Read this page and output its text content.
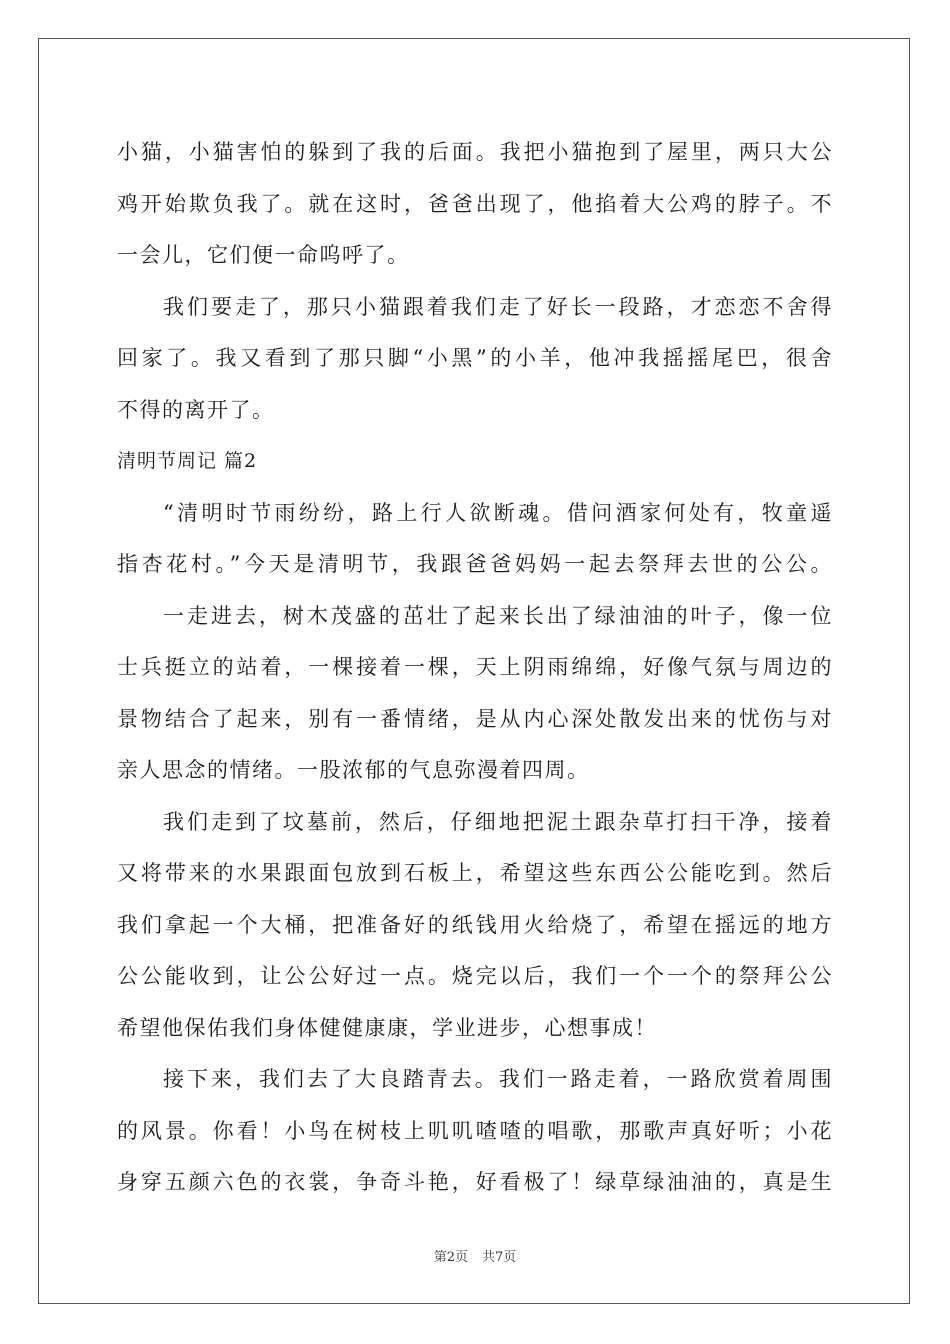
小猫，小猫害怕的躲到了我的后面。我把小猫抱到了屋里，两只大公
鸡开始欺负我了。就在这时，爸爸出现了，他掐着大公鸡的脖子。不
一会儿，它们便一命呜呼了。
我们要走了，那只小猫跟着我们走了好长一段路，才恋恋不舍得
回家了。我又看到了那只脚“小黑”的小羊，他冲我摇摇尾巴，很舍
不得的离开了。
清明节周记 篇2
“清明时节雨纷纷，路上行人欲断魂。借问酒家何处有，牧童遥
指杏花村。”今天是清明节，我跟爸爸妈妈一起去祭拜去世的公公。
一走进去，树木茂盛的茁壮了起来长出了绿油油的叶子，像一位
士兵挺立的站着，一棵接着一棵，天上阴雨绵绵，好像气氛与周边的
景物结合了起来，别有一番情绪，是从内心深处散发出来的忧伤与对
亲人思念的情绪。一股浓郁的气息弥漫着四周。
我们走到了坟墓前，然后，仔细地把泥土跟杂草打扫干净，接着
又将带来的水果跟面包放到石板上，希望这些东西公公能吃到。然后
我们拿起一个大桶，把准备好的纸钱用火给烧了，希望在摇远的地方
公公能收到，让公公好过一点。烧完以后，我们一个一个的祭拜公公
希望他保佑我们身体健健康康，学业进步，心想事成！
接下来，我们去了大良踏青去。我们一路走着，一路欣赏着周围
的风景。你看！小鸟在树枝上叽叽喳喳的唱歌，那歌声真好听；小花
身穿五颜六色的衣裳，争奇斗艳，好看极了！绿草绿油油的，真是生
第2页 共7页
